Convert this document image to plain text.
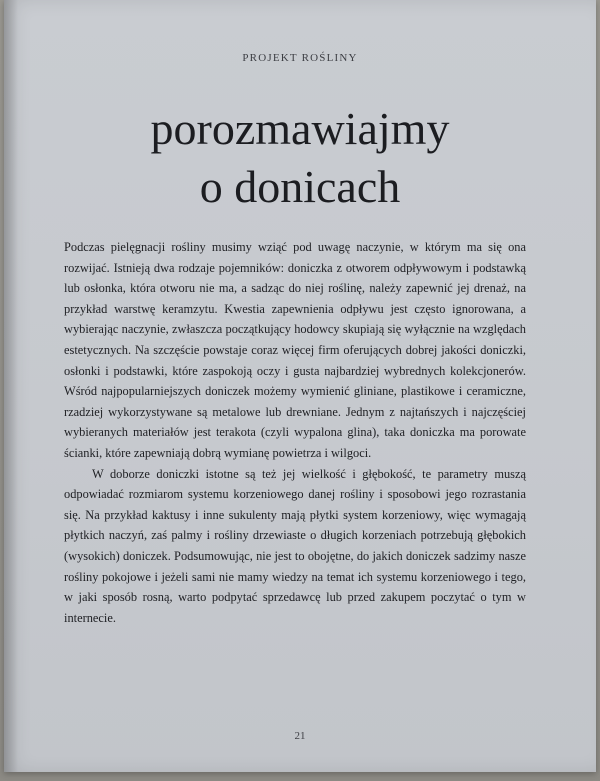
PROJEKT ROŚLINY
porozmawiajmy
o donicach

Podczas pielęgnacji rośliny musimy wziąć pod uwagę naczynie, w którym ma się ona rozwijać. Istnieją dwa rodzaje pojemników: doniczka z otworem odpływowym i podstawką lub osłonka, która otworu nie ma, a sadząc do niej roślinę, należy zapewnić jej drenaż, na przykład warstwę keramzytu. Kwestia zapewnienia odpływu jest często ignorowana, a wybierając naczynie, zwłaszcza początkujący hodowcy skupiają się wyłącznie na względach estetycznych. Na szczęście powstaje coraz więcej firm oferujących dobrej jakości doniczki, osłonki i podstawki, które zaspokoją oczy i gusta najbardziej wybrednych kolekcjonerów. Wśród najpopularniejszych doniczek możemy wymienić gliniane, plastikowe i ceramiczne, rzadziej wykorzystywane są metalowe lub drewniane. Jednym z najtańszych i najczęściej wybieranych materiałów jest terakota (czyli wypalona glina), taka doniczka ma porowate ścianki, które zapewniają dobrą wymianę powietrza i wilgoci.

W doborze doniczki istotne są też jej wielkość i głębokość, te parametry muszą odpowiadać rozmiarom systemu korzeniowego danej rośliny i sposobowi jego rozrastania się. Na przykład kaktusy i inne sukulenty mają płytki system korzeniowy, więc wymagają płytkich naczyń, zaś palmy i rośliny drzewiaste o długich korzeniach potrzebują głębokich (wysokich) doniczek. Podsumowując, nie jest to obojętne, do jakich doniczek sadzimy nasze rośliny pokojowe i jeżeli sami nie mamy wiedzy na temat ich systemu korzeniowego i tego, w jaki sposób rosną, warto podpytać sprzedawcę lub przed zakupem poczytać o tym w internecie.

21
